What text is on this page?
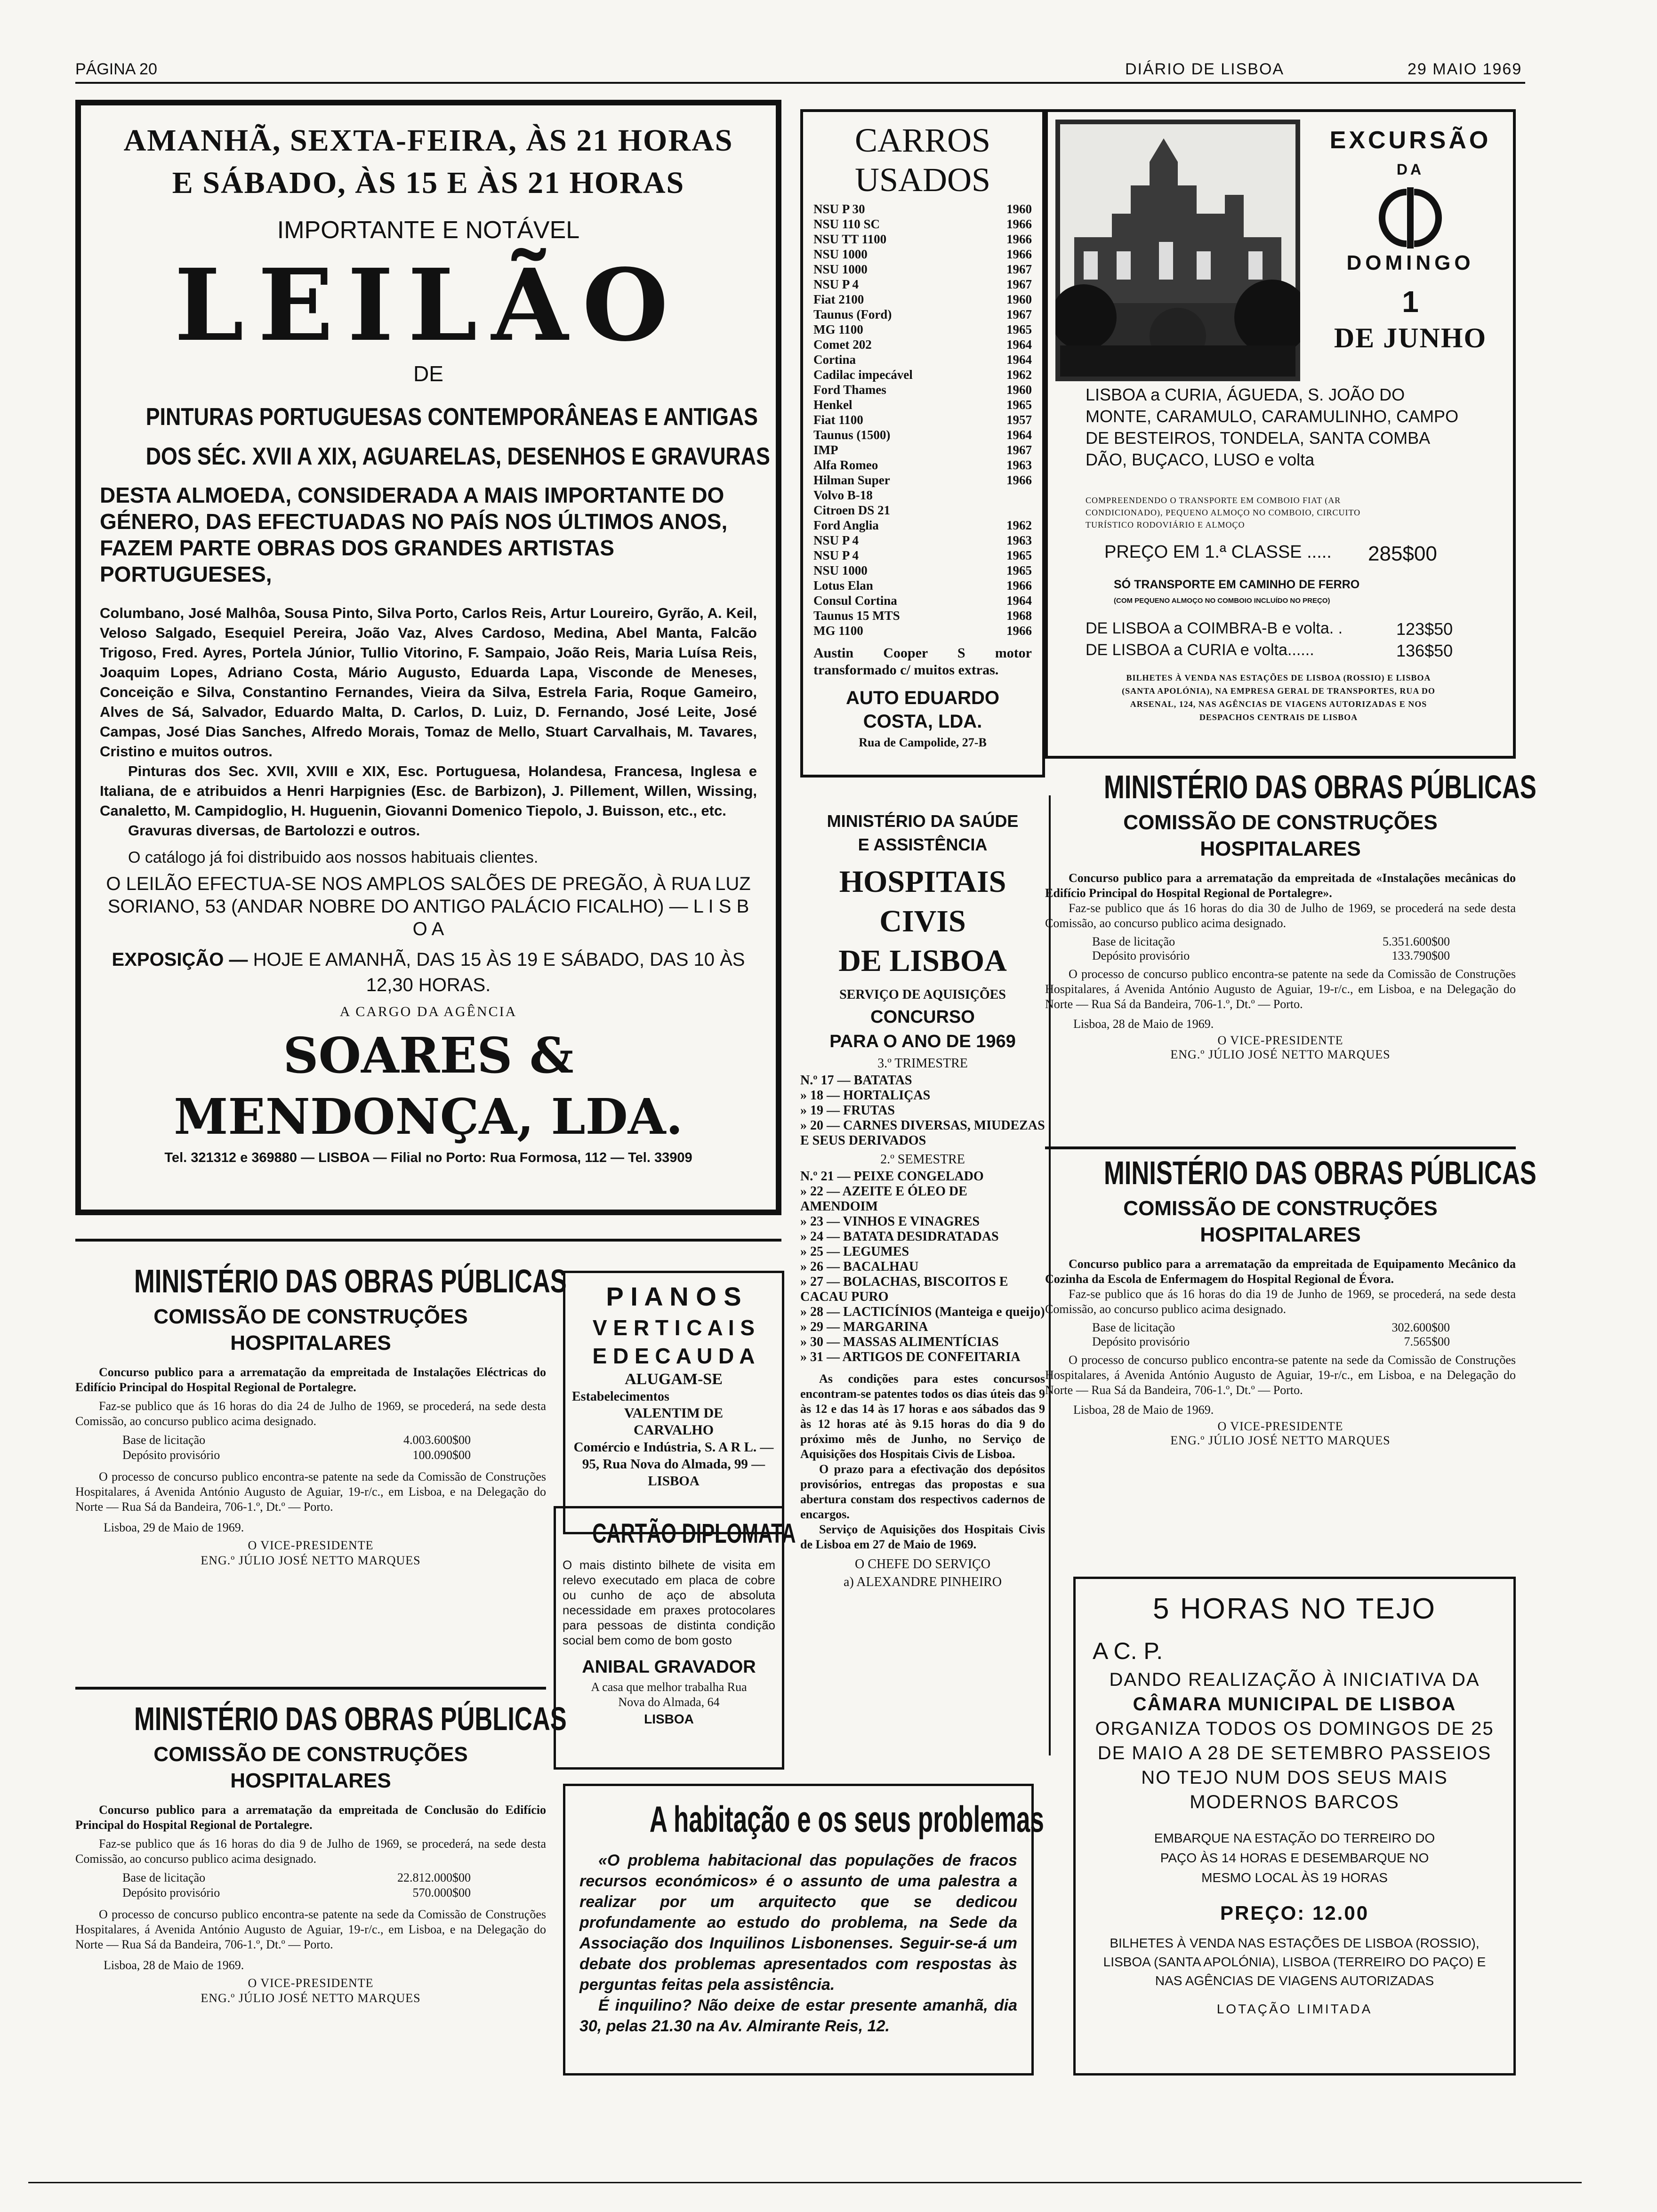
PÁGINA 20	DIÁRIO DE LISBOA	29 MAIO 1969
AMANHÃ, SEXTA-FEIRA, ÀS 21 HORAS
E SÁBADO, ÀS 15 E ÀS 21 HORAS
IMPORTANTE E NOTÁVEL
LEILÃO
DE
PINTURAS PORTUGUESAS CONTEMPORÂNEAS E ANTIGAS
DOS SÉC. XVII A XIX, AGUARELAS, DESENHOS E GRAVURAS
DESTA ALMOEDA, CONSIDERADA A MAIS IMPORTANTE DO GÉNERO, DAS EFECTUADAS NO PAÍS NOS ÚLTIMOS ANOS, FAZEM PARTE OBRAS DOS GRANDES ARTISTAS PORTUGUESES,
Columbano, José Malhôa, Sousa Pinto, Silva Porto, Carlos Reis, Artur Loureiro, Gyrão, A. Keil, Veloso Salgado, Esequiel Pereira, João Vaz, Alves Cardoso, Medina, Abel Manta, Falcão Trigoso, Fred. Ayres, Portela Júnior, Tullio Vitorino, F. Sampaio, João Reis, Maria Luísa Reis, Joaquim Lopes, Adriano Costa, Mário Augusto, Eduarda Lapa, Visconde de Meneses, Conceição e Silva, Constantino Fernandes, Vieira da Silva, Estrela Faria, Roque Gameiro, Alves de Sá, Salvador, Eduardo Malta, D. Carlos, D. Luiz, D. Fernando, José Leite, José Campas, José Dias Sanches, Alfredo Morais, Tomaz de Mello, Stuart Carvalhais, M. Tavares, Cristino e muitos outros.
Pinturas dos Sec. XVII, XVIII e XIX, Esc. Portuguesa, Holandesa, Francesa, Inglesa e Italiana, de e atribuidos a Henri Harpignies (Esc. de Barbizon), J. Pillement, Willen, Wissing, Canaletto, M. Campidoglio, H. Huguenin, Giovanni Domenico Tiepolo, J. Buisson, etc., etc.
Gravuras diversas, de Bartolozzi e outros.
O catálogo já foi distribuido aos nossos habituais clientes.
O LEILÃO EFECTUA-SE NOS AMPLOS SALÕES DE PREGÃO, À RUA LUZ SORIANO, 53 (ANDAR NOBRE DO ANTIGO PALÁCIO FICALHO) — L I S B O A
EXPOSIÇÃO — HOJE E AMANHÃ, DAS 15 ÀS 19 E SÁBADO, DAS 10 ÀS 12,30 HORAS.
A CARGO DA AGÊNCIA
SOARES & MENDONÇA, LDA.
Tel. 321312 e 369880 — LISBOA — Filial no Porto: Rua Formosa, 112 — Tel. 33909
CARROS
USADOS
NSU P 30	1960
NSU 110 SC	1966
NSU TT 1100	1966
NSU 1000	1966
NSU 1000	1967
NSU P 4	1967
Fiat 2100	1960
Taunus (Ford)	1967
MG 1100	1965
Comet 202	1964
Cortina	1964
Cadilac impecável	1962
Ford Thames	1960
Henkel	1965
Fiat 1100	1957
Taunus (1500)	1964
IMP	1967
Alfa Romeo	1963
Hilman Super	1966
Volvo B-18
Citroen DS 21
Ford Anglia	1962
NSU P 4	1963
NSU P 4	1965
NSU 1000	1965
Lotus Elan	1966
Consul Cortina	1964
Taunus 15 MTS	1968
MG 1100	1966
Austin Cooper S motor transformado c/ muitos extras.
AUTO EDUARDO COSTA, LDA.
Rua de Campolide, 27-B
MINISTÉRIO DA SAÚDE
E ASSISTÊNCIA
HOSPITAIS CIVIS
DE LISBOA
SERVIÇO DE AQUISIÇÕES
CONCURSO
PARA O ANO DE 1969
3.º TRIMESTRE
N.º 17 — BATATAS
» 18 — HORTALIÇAS
» 19 — FRUTAS
» 20 — CARNES DIVERSAS, MIUDEZAS E SEUS DERIVADOS
2.º SEMESTRE
N.º 21 — PEIXE CONGELADO
» 22 — AZEITE E ÓLEO DE AMENDOIM
» 23 — VINHOS E VINAGRES
» 24 — BATATA DESIDRATADAS
» 25 — LEGUMES
» 26 — BACALHAU
» 27 — BOLACHAS, BISCOITOS E CACAU PURO
» 28 — LACTICÍNIOS (Manteiga e queijo)
» 29 — MARGARINA
» 30 — MASSAS ALIMENTÍCIAS
» 31 — ARTIGOS DE CONFEITARIA
As condições para estes concursos encontram-se patentes todos os dias úteis das 9 às 12 e das 14 às 17 horas e aos sábados das 9 às 12 horas até às 9.15 horas do dia 9 do próximo mês de Junho, no Serviço de Aquisições dos Hospitais Civis de Lisboa.
O prazo para a efectivação dos depósitos provisórios, entregas das propostas e sua abertura constam dos respectivos cadernos de encargos.
Serviço de Aquisições dos Hospitais Civis de Lisboa em 27 de Maio de 1969.
O CHEFE DO SERVIÇO
a) ALEXANDRE PINHEIRO
EXCURSÃO
DA
DOMINGO
1
DE JUNHO
LISBOA a CURIA, ÁGUEDA, S. JOÃO DO MONTE, CARAMULO, CARAMULINHO, CAMPO DE BESTEIROS, TONDELA, SANTA COMBA DÃO, BUÇACO, LUSO e volta
COMPREENDENDO O TRANSPORTE EM COMBOIO FIAT (AR CONDICIONADO), PEQUENO ALMOÇO NO COMBOIO, CIRCUITO TURÍSTICO RODOVIÁRIO E ALMOÇO
PREÇO EM 1.ª CLASSE ..... 285$00
SÓ TRANSPORTE EM CAMINHO DE FERRO
(COM PEQUENO ALMOÇO NO COMBOIO INCLUÍDO NO PREÇO)
DE LISBOA a COIMBRA-B e volta. .	123$50
DE LISBOA a CURIA e volta......	136$50
BILHETES À VENDA NAS ESTAÇÕES DE LISBOA (ROSSIO) E LISBOA (SANTA APOLÓNIA), NA EMPRESA GERAL DE TRANSPORTES, RUA DO ARSENAL, 124, NAS AGÊNCIAS DE VIAGENS AUTORIZADAS E NOS DESPACHOS CENTRAIS DE LISBOA
MINISTÉRIO DAS OBRAS PÚBLICAS
COMISSÃO DE CONSTRUÇÕES HOSPITALARES
Concurso publico para a arrematação da empreitada de «Instalações mecânicas do Edifício Principal do Hospital Regional de Portalegre».
Faz-se publico que ás 16 horas do dia 30 de Julho de 1969, se procederá na sede desta Comissão, ao concurso publico acima designado.
Base de licitação	5.351.600$00
Depósito provisório	133.790$00
O processo de concurso publico encontra-se patente na sede da Comissão de Construções Hospitalares, á Avenida António Augusto de Aguiar, 19-r/c., em Lisboa, e na Delegação do Norte — Rua Sá da Bandeira, 706-1.º, Dt.º — Porto.
Lisboa, 28 de Maio de 1969.
O VICE-PRESIDENTE
ENG.º JÚLIO JOSÉ NETTO MARQUES
MINISTÉRIO DAS OBRAS PÚBLICAS
COMISSÃO DE CONSTRUÇÕES HOSPITALARES
Concurso publico para a arrematação da empreitada de Equipamento Mecânico da Cozinha da Escola de Enfermagem do Hospital Regional de Évora.
Faz-se publico que ás 16 horas do dia 19 de Junho de 1969, se procederá, na sede desta Comissão, ao concurso publico acima designado.
Base de licitação	302.600$00
Depósito provisório	7.565$00
O processo de concurso publico encontra-se patente na sede da Comissão de Construções Hospitalares, á Avenida António Augusto de Aguiar, 19-r/c., em Lisboa, e na Delegação do Norte — Rua Sá da Bandeira, 706-1.º, Dt.º — Porto.
Lisboa, 28 de Maio de 1969.
O VICE-PRESIDENTE
ENG.º JÚLIO JOSÉ NETTO MARQUES
5 HORAS NO TEJO
A C. P.
DANDO REALIZAÇÃO À INICIATIVA DA
CÂMARA MUNICIPAL DE LISBOA
ORGANIZA TODOS OS DOMINGOS DE 25 DE MAIO A 28 DE SETEMBRO PASSEIOS NO TEJO NUM DOS SEUS MAIS MODERNOS BARCOS
EMBARQUE NA ESTAÇÃO DO TERREIRO DO PAÇO ÀS 14 HORAS E DESEMBARQUE NO MESMO LOCAL ÀS 19 HORAS
PREÇO: 12.00
BILHETES À VENDA NAS ESTAÇÕES DE LISBOA (ROSSIO), LISBOA (SANTA APOLÓNIA), LISBOA (TERREIRO DO PAÇO) E NAS AGÊNCIAS DE VIAGENS AUTORIZADAS
LOTAÇÃO LIMITADA
MINISTÉRIO DAS OBRAS PÚBLICAS
COMISSÃO DE CONSTRUÇÕES HOSPITALARES
Concurso publico para a arrematação da empreitada de Instalações Eléctricas do Edifício Principal do Hospital Regional de Portalegre.
Faz-se publico que ás 16 horas do dia 24 de Julho de 1969, se procederá, na sede desta Comissão, ao concurso publico acima designado.
Base de licitação	4.003.600$00
Depósito provisório	100.090$00
O processo de concurso publico encontra-se patente na sede da Comissão de Construções Hospitalares, á Avenida António Augusto de Aguiar, 19-r/c., em Lisboa, e na Delegação do Norte — Rua Sá da Bandeira, 706-1.º, Dt.º — Porto.
Lisboa, 29 de Maio de 1969.
O VICE-PRESIDENTE
ENG.º JÚLIO JOSÉ NETTO MARQUES
MINISTÉRIO DAS OBRAS PÚBLICAS
COMISSÃO DE CONSTRUÇÕES HOSPITALARES
Concurso publico para a arrematação da empreitada de Conclusão do Edifício Principal do Hospital Regional de Portalegre.
Faz-se publico que ás 16 horas do dia 9 de Julho de 1969, se procederá, na sede desta Comissão, ao concurso publico acima designado.
Base de licitação	22.812.000$00
Depósito provisório	570.000$00
O processo de concurso publico encontra-se patente na sede da Comissão de Construções Hospitalares, á Avenida António Augusto de Aguiar, 19-r/c., em Lisboa, e na Delegação do Norte — Rua Sá da Bandeira, 706-1.º, Dt.º — Porto.
Lisboa, 28 de Maio de 1969.
O VICE-PRESIDENTE
ENG.º JÚLIO JOSÉ NETTO MARQUES
P I A N O S
V E R T I C A I S
E D E C A U D A
ALUGAM-SE
Estabelecimentos
VALENTIM DE CARVALHO
Comércio e Indústria, S. A R L. — 95, Rua Nova do Almada, 99 — LISBOA
CARTÃO DIPLOMATA
O mais distinto bilhete de visita em relevo executado em placa de cobre ou cunho de aço de absoluta necessidade em praxes protocolares para pessoas de distinta condição social bem como de bom gosto
ANIBAL GRAVADOR
A casa que melhor trabalha Rua Nova do Almada, 64
LISBOA
A habitação e os seus problemas
«O problema habitacional das populações de fracos recursos económicos» é o assunto de uma palestra a realizar por um arquitecto que se dedicou profundamente ao estudo do problema, na Sede da Associação dos Inquilinos Lisbonenses. Seguir-se-á um debate dos problemas apresentados com respostas às perguntas feitas pela assistência.
É inquilino? Não deixe de estar presente amanhã, dia 30, pelas 21.30 na Av. Almirante Reis, 12.
